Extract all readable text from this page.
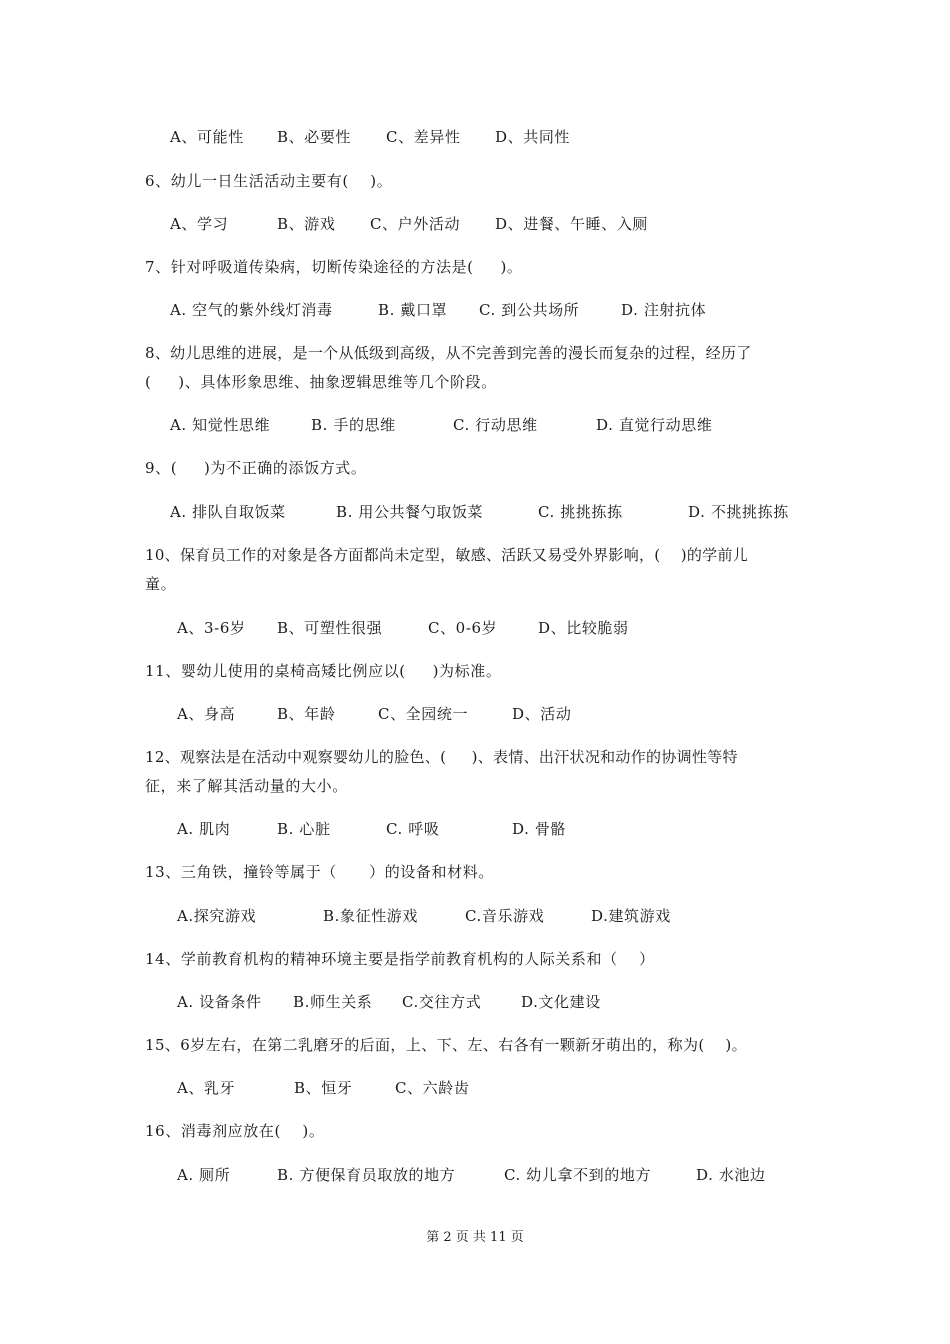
A、可能性 B、必要性 C、差异性 D、共同性
6、幼儿一日生活活动主要有(    )。
A、学习	B、游戏 C、户外活动 D、进餐、午睡、入厕
7、针对呼吸道传染病，切断传染途径的方法是(     )。
A. 空气的紫外线灯消毒	B. 戴口罩 C. 到公共场所	D. 注射抗体
8、幼儿思维的进展，是一个从低级到高级，从不完善到完善的漫长而复杂的过程，经历了
(     )、具体形象思维、抽象逻辑思维等几个阶段。
A. 知觉性思维	B. 手的思维	C. 行动思维	D. 直觉行动思维
9、(     )为不正确的添饭方式。
A. 排队自取饭菜	B. 用公共餐勺取饭菜	C. 挑挑拣拣	D. 不挑挑拣拣
10、保育员工作的对象是各方面都尚未定型，敏感、活跃又易受外界影响，(    )的学前儿
童。
A、3-6岁 B、可塑性很强	C、0-6岁	D、比较脆弱
11、婴幼儿使用的桌椅高矮比例应以(     )为标准。
A、身高	B、年龄	C、全园统一	D、活动
12、观察法是在活动中观察婴幼儿的脸色、(     )、表情、出汗状况和动作的协调性等特
征，来了解其活动量的大小。
A. 肌肉	B. 心脏	C. 呼吸	D. 骨骼
13、三角铁，撞铃等属于（      ）的设备和材料。
A.探究游戏	B.象征性游戏	C.音乐游戏	D.建筑游戏
14、学前教育机构的精神环境主要是指学前教育机构的人际关系和（    ）
A. 设备条件 B.师生关系 C.交往方式	D.文化建设
15、6岁左右，在第二乳磨牙的后面，上、下、左、右各有一颗新牙萌出的，称为(    )。
A、乳牙	B、恒牙	C、六龄齿
16、消毒剂应放在(    )。
A. 厕所	B. 方便保育员取放的地方	C. 幼儿拿不到的地方	D. 水池边
第 2 页 共 11 页
